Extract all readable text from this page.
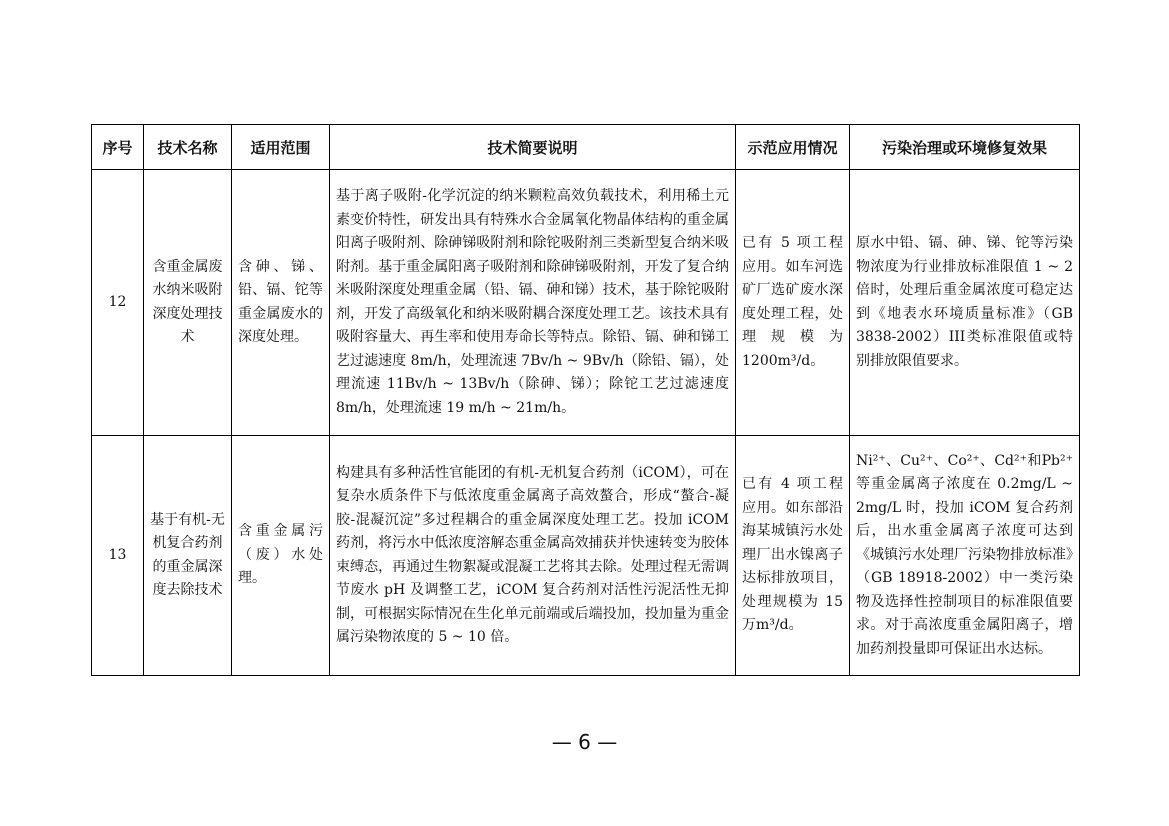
序号	技术名称	适用范围	技术简要说明	示范应用情况	污染治理或环境修复效果
12	含重金属废水纳米吸附深度处理技术	含砷、锑、铅、镉、铊等重金属废水的深度处理。	基于离子吸附-化学沉淀的纳米颗粒高效负载技术，利用稀土元素变价特性，研发出具有特殊水合金属氧化物晶体结构的重金属阳离子吸附剂、除砷锑吸附剂和除铊吸附剂三类新型复合纳米吸附剂。基于重金属阳离子吸附剂和除砷锑吸附剂，开发了复合纳米吸附深度处理重金属（铅、镉、砷和锑）技术，基于除铊吸附剂，开发了高级氧化和纳米吸附耦合深度处理工艺。该技术具有吸附容量大、再生率和使用寿命长等特点。除铅、镉、砷和锑工艺过滤速度 8m/h，处理流速 7Bv/h ~ 9Bv/h（除铅、镉），处理流速 11Bv/h ~ 13Bv/h（除砷、锑）；除铊工艺过滤速度 8m/h，处理流速 19 m/h ~ 21m/h。	已有 5 项工程应用。如车河选矿厂选矿废水深度处理工程，处理规模为 1200m³/d。	原水中铅、镉、砷、锑、铊等污染物浓度为行业排放标准限值 1 ~ 2 倍时，处理后重金属浓度可稳定达到《地表水环境质量标准》（GB 3838-2002）III类标准限值或特别排放限值要求。
13	基于有机-无机复合药剂的重金属深度去除技术	含重金属污（废）水处理。	构建具有多种活性官能团的有机-无机复合药剂（iCOM），可在复杂水质条件下与低浓度重金属离子高效螯合，形成“螯合-凝胶-混凝沉淀”多过程耦合的重金属深度处理工艺。投加 iCOM 药剂，将污水中低浓度溶解态重金属高效捕获并快速转变为胶体束缚态，再通过生物絮凝或混凝工艺将其去除。处理过程无需调节废水 pH 及调整工艺，iCOM 复合药剂对活性污泥活性无抑制，可根据实际情况在生化单元前端或后端投加，投加量为重金属污染物浓度的 5 ~ 10 倍。	已有 4 项工程应用。如东部沿海某城镇污水处理厂出水镍离子达标排放项目，处理规模为 15 万m³/d。	Ni²⁺、Cu²⁺、Co²⁺、Cd²⁺和Pb²⁺等重金属离子浓度在 0.2mg/L ~ 2mg/L 时，投加 iCOM 复合药剂后，出水重金属离子浓度可达到《城镇污水处理厂污染物排放标准》（GB 18918-2002）中一类污染物及选择性控制项目的标准限值要求。对于高浓度重金属阳离子，增加药剂投量即可保证出水达标。
— 6 —
